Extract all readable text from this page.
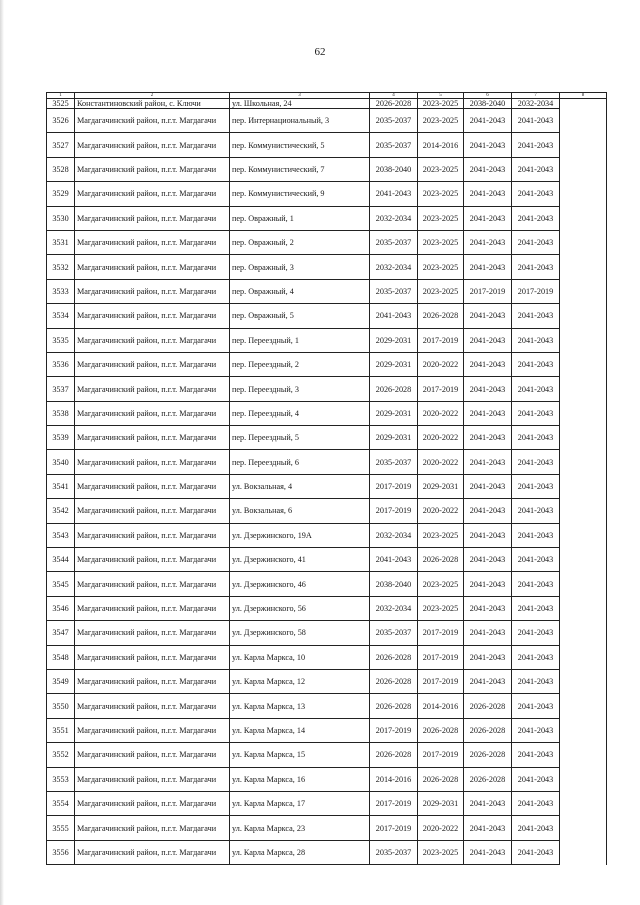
62
1	2	3	4	5	6	7	8
3525	Константиновский район, с. Ключи	ул. Школьная, 24	2026-2028	2023-2025	2038-2040	2032-2034	
3526	Магдагачинский район, п.г.т. Магдагачи	пер. Интернациональный, 3	2035-2037	2023-2025	2041-2043	2041-2043	
3527	Магдагачинский район, п.г.т. Магдагачи	пер. Коммунистический, 5	2035-2037	2014-2016	2041-2043	2041-2043	
3528	Магдагачинский район, п.г.т. Магдагачи	пер. Коммунистический, 7	2038-2040	2023-2025	2041-2043	2041-2043	
3529	Магдагачинский район, п.г.т. Магдагачи	пер. Коммунистический, 9	2041-2043	2023-2025	2041-2043	2041-2043	
3530	Магдагачинский район, п.г.т. Магдагачи	пер. Овражный, 1	2032-2034	2023-2025	2041-2043	2041-2043	
3531	Магдагачинский район, п.г.т. Магдагачи	пер. Овражный, 2	2035-2037	2023-2025	2041-2043	2041-2043	
3532	Магдагачинский район, п.г.т. Магдагачи	пер. Овражный, 3	2032-2034	2023-2025	2041-2043	2041-2043	
3533	Магдагачинский район, п.г.т. Магдагачи	пер. Овражный, 4	2035-2037	2023-2025	2017-2019	2017-2019	
3534	Магдагачинский район, п.г.т. Магдагачи	пер. Овражный, 5	2041-2043	2026-2028	2041-2043	2041-2043	
3535	Магдагачинский район, п.г.т. Магдагачи	пер. Переездный, 1	2029-2031	2017-2019	2041-2043	2041-2043	
3536	Магдагачинский район, п.г.т. Магдагачи	пер. Переездный, 2	2029-2031	2020-2022	2041-2043	2041-2043	
3537	Магдагачинский район, п.г.т. Магдагачи	пер. Переездный, 3	2026-2028	2017-2019	2041-2043	2041-2043	
3538	Магдагачинский район, п.г.т. Магдагачи	пер. Переездный, 4	2029-2031	2020-2022	2041-2043	2041-2043	
3539	Магдагачинский район, п.г.т. Магдагачи	пер. Переездный, 5	2029-2031	2020-2022	2041-2043	2041-2043	
3540	Магдагачинский район, п.г.т. Магдагачи	пер. Переездный, 6	2035-2037	2020-2022	2041-2043	2041-2043	
3541	Магдагачинский район, п.г.т. Магдагачи	ул. Вокзальная, 4	2017-2019	2029-2031	2041-2043	2041-2043	
3542	Магдагачинский район, п.г.т. Магдагачи	ул. Вокзальная, 6	2017-2019	2020-2022	2041-2043	2041-2043	
3543	Магдагачинский район, п.г.т. Магдагачи	ул. Дзержинского, 19А	2032-2034	2023-2025	2041-2043	2041-2043	
3544	Магдагачинский район, п.г.т. Магдагачи	ул. Дзержинского, 41	2041-2043	2026-2028	2041-2043	2041-2043	
3545	Магдагачинский район, п.г.т. Магдагачи	ул. Дзержинского, 46	2038-2040	2023-2025	2041-2043	2041-2043	
3546	Магдагачинский район, п.г.т. Магдагачи	ул. Дзержинского, 56	2032-2034	2023-2025	2041-2043	2041-2043	
3547	Магдагачинский район, п.г.т. Магдагачи	ул. Дзержинского, 58	2035-2037	2017-2019	2041-2043	2041-2043	
3548	Магдагачинский район, п.г.т. Магдагачи	ул. Карла Маркса, 10	2026-2028	2017-2019	2041-2043	2041-2043	
3549	Магдагачинский район, п.г.т. Магдагачи	ул. Карла Маркса, 12	2026-2028	2017-2019	2041-2043	2041-2043	
3550	Магдагачинский район, п.г.т. Магдагачи	ул. Карла Маркса, 13	2026-2028	2014-2016	2026-2028	2041-2043	
3551	Магдагачинский район, п.г.т. Магдагачи	ул. Карла Маркса, 14	2017-2019	2026-2028	2026-2028	2041-2043	
3552	Магдагачинский район, п.г.т. Магдагачи	ул. Карла Маркса, 15	2026-2028	2017-2019	2026-2028	2041-2043	
3553	Магдагачинский район, п.г.т. Магдагачи	ул. Карла Маркса, 16	2014-2016	2026-2028	2026-2028	2041-2043	
3554	Магдагачинский район, п.г.т. Магдагачи	ул. Карла Маркса, 17	2017-2019	2029-2031	2041-2043	2041-2043	
3555	Магдагачинский район, п.г.т. Магдагачи	ул. Карла Маркса, 23	2017-2019	2020-2022	2041-2043	2041-2043	
3556	Магдагачинский район, п.г.т. Магдагачи	ул. Карла Маркса, 28	2035-2037	2023-2025	2041-2043	2041-2043	
